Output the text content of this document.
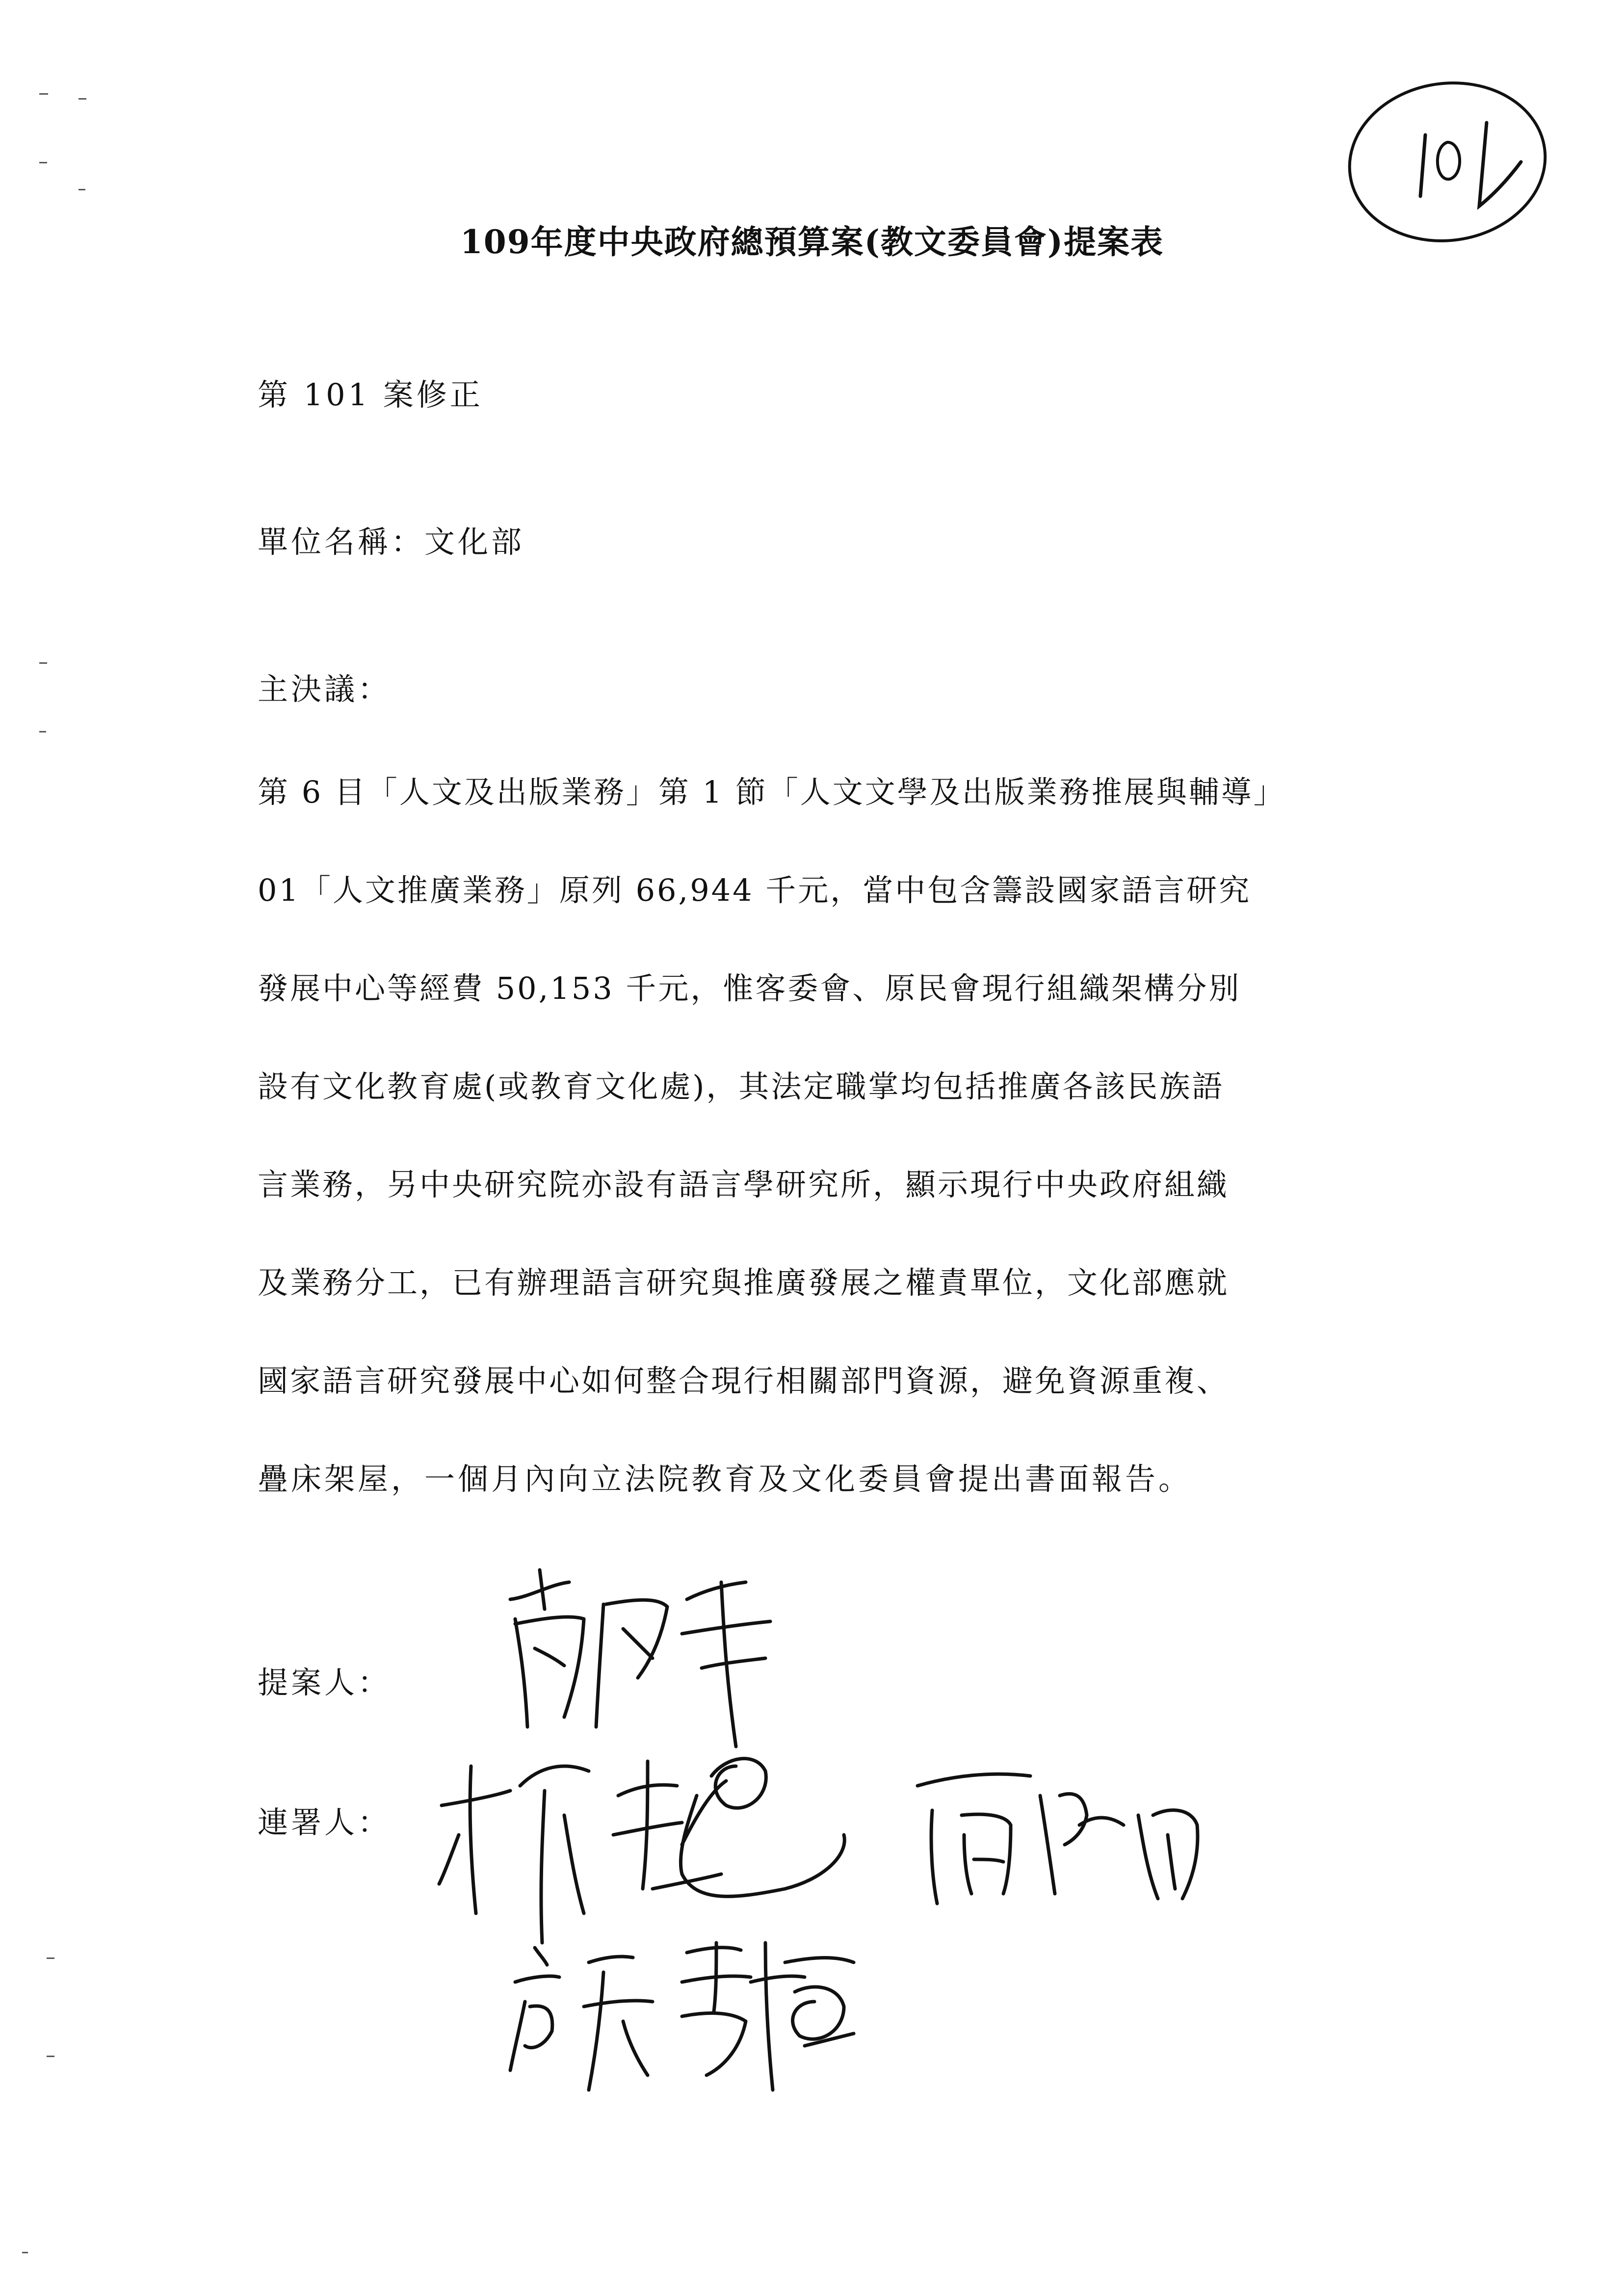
109年度中央政府總預算案(教文委員會)提案表
第 101 案修正
單位名稱：文化部
主決議：
第 6 目「人文及出版業務」第 1 節「人文文學及出版業務推展與輔導」
01「人文推廣業務」原列 66,944 千元，當中包含籌設國家語言研究
發展中心等經費 50,153 千元，惟客委會、原民會現行組織架構分別
設有文化教育處(或教育文化處)，其法定職掌均包括推廣各該民族語
言業務，另中央研究院亦設有語言學研究所，顯示現行中央政府組織
及業務分工，已有辦理語言研究與推廣發展之權責單位，文化部應就
國家語言研究發展中心如何整合現行相關部門資源，避免資源重複、
疊床架屋，一個月內向立法院教育及文化委員會提出書面報告。
提案人：
連署人：
